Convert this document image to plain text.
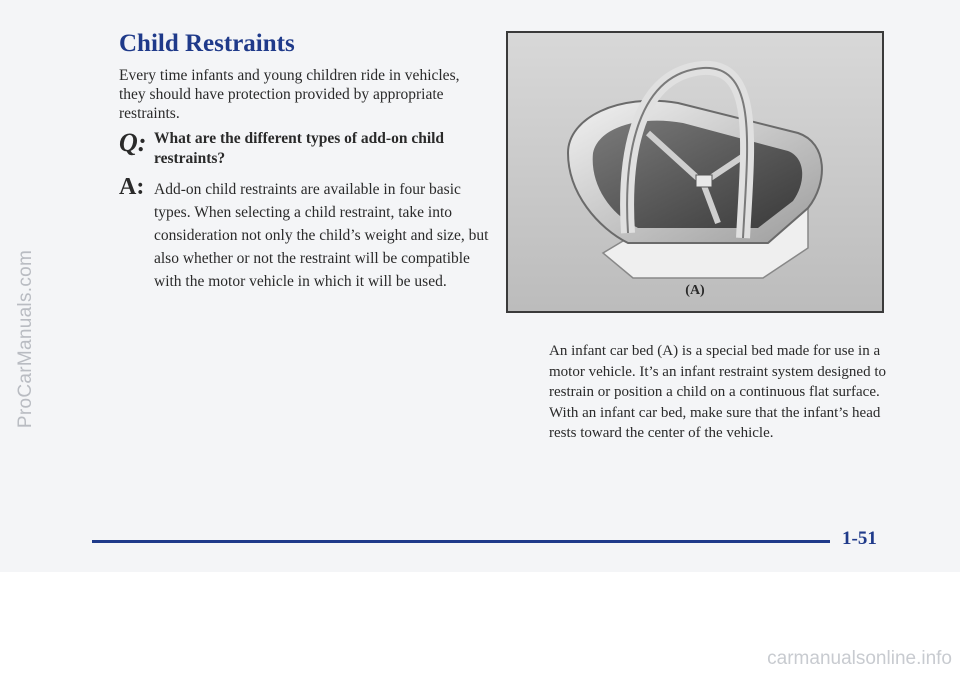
ProCarManuals.com
Child Restraints

Every time infants and young children ride in vehicles, they should have protection provided by appropriate restraints.

Q: What are the different types of add-on child restraints?

A: Add-on child restraints are available in four basic types. When selecting a child restraint, take into consideration not only the child’s weight and size, but also whether or not the restraint will be compatible with the motor vehicle in which it will be used.

(A)

An infant car bed (A) is a special bed made for use in a motor vehicle. It’s an infant restraint system designed to restrain or position a child on a continuous flat surface. With an infant car bed, make sure that the infant’s head rests toward the center of the vehicle.

1-51
carmanualsonline.info
